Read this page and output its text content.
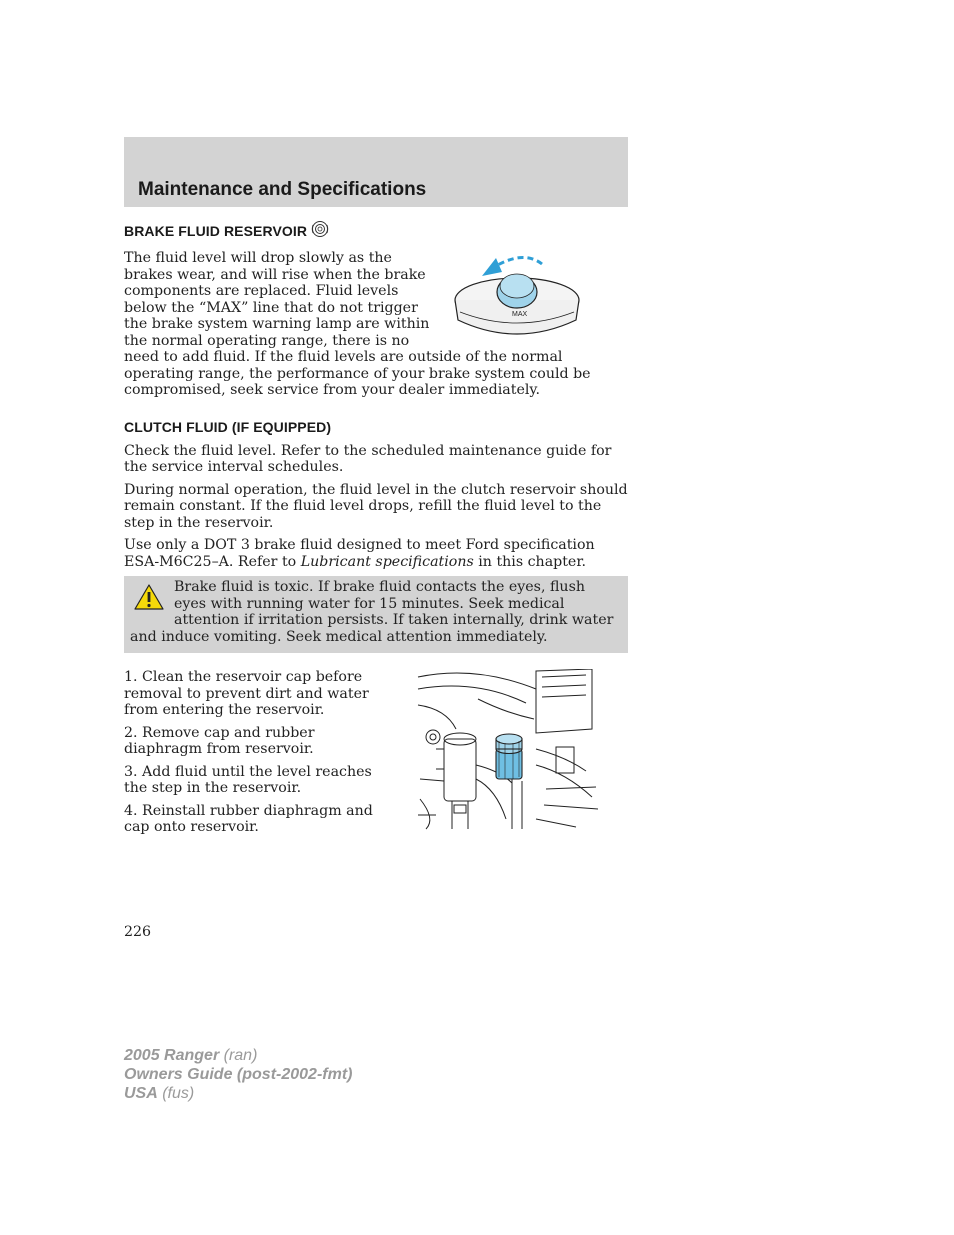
Maintenance and Specifications
BRAKE FLUID RESERVOIR
MAX

The fluid level will drop slowly as the brakes wear, and will rise when the brake components are replaced. Fluid levels below the “MAX” line that do not trigger the brake system warning lamp are within the normal operating range, there is no need to add fluid. If the fluid levels are outside of the normal operating range, the performance of your brake system could be compromised, seek service from your dealer immediately.

CLUTCH FLUID (IF EQUIPPED)

Check the fluid level. Refer to the scheduled maintenance guide for the service interval schedules.

During normal operation, the fluid level in the clutch reservoir should remain constant. If the fluid level drops, refill the fluid level to the step in the reservoir.

Use only a DOT 3 brake fluid designed to meet Ford specification ESA-M6C25–A. Refer to Lubricant specifications in this chapter.

Brake fluid is toxic. If brake fluid contacts the eyes, flush eyes with running water for 15 minutes. Seek medical attention if irritation persists. If taken internally, drink water and induce vomiting. Seek medical attention immediately.

1. Clean the reservoir cap before removal to prevent dirt and water from entering the reservoir.

2. Remove cap and rubber diaphragm from reservoir.

3. Add fluid until the level reaches the step in the reservoir.

4. Reinstall rubber diaphragm and cap onto reservoir.

226
2005 Ranger (ran)
Owners Guide (post-2002-fmt)
USA (fus)
